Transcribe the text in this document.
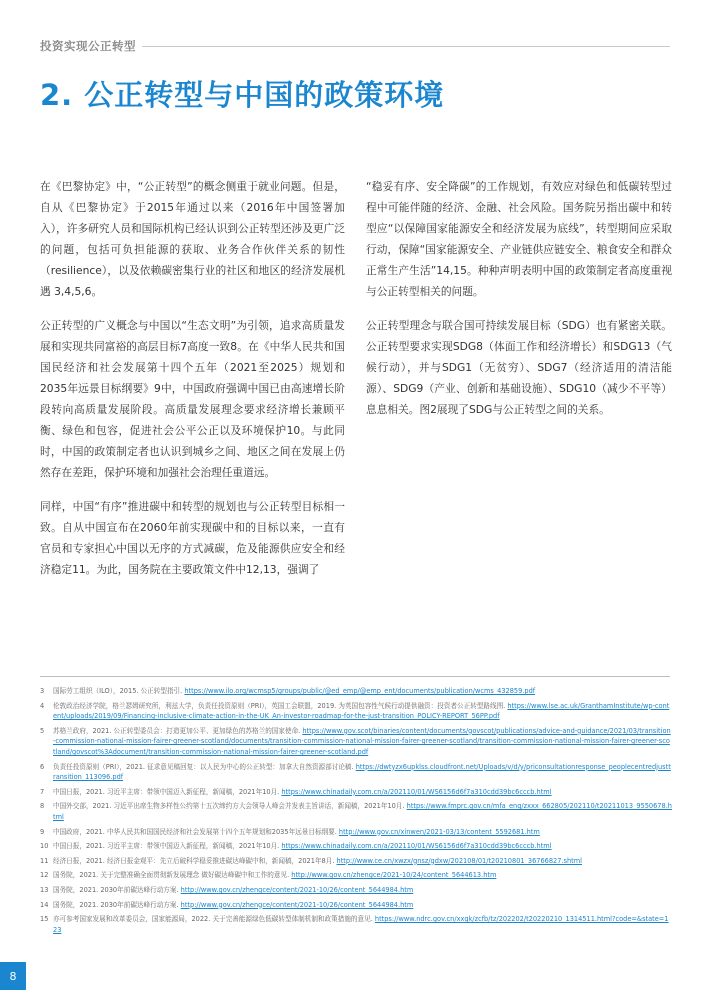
投资实现公正转型
2. 公正转型与中国的政策环境

在《巴黎协定》中，“公正转型”的概念侧重于就业问题。但是，自从《巴黎协定》于2015年通过以来（2016年中国签署加入），许多研究人员和国际机构已经认识到公正转型还涉及更广泛的问题，包括可负担能源的获取、业务合作伙伴关系的韧性（resilience），以及依赖碳密集行业的社区和地区的经济发展机遇 3,4,5,6。

公正转型的广义概念与中国以“生态文明”为引领，追求高质量发展和实现共同富裕的高层目标7高度一致8。在《中华人民共和国国民经济和社会发展第十四个五年（2021至2025）规划和2035年远景目标纲要》9中，中国政府强调中国已由高速增长阶段转向高质量发展阶段。高质量发展理念要求经济增长兼顾平衡、绿色和包容，促进社会公平公正以及环境保护10。与此同时，中国的政策制定者也认识到城乡之间、地区之间在发展上仍然存在差距，保护环境和加强社会治理任重道远。

同样，中国“有序”推进碳中和转型的规划也与公正转型目标相一致。自从中国宣布在2060年前实现碳中和的目标以来，一直有官员和专家担心中国以无序的方式减碳，危及能源供应安全和经济稳定11。为此，国务院在主要政策文件中12,13，强调了

“稳妥有序、安全降碳”的工作规划，有效应对绿色和低碳转型过程中可能伴随的经济、金融、社会风险。国务院另指出碳中和转型应“以保障国家能源安全和经济发展为底线”，转型期间应采取行动，保障“国家能源安全、产业链供应链安全、粮食安全和群众正常生产生活”14,15。种种声明表明中国的政策制定者高度重视与公正转型相关的问题。

公正转型理念与联合国可持续发展目标（SDG）也有紧密关联。公正转型要求实现SDG8（体面工作和经济增长）和SDG13（气候行动），并与SDG1（无贫穷）、SDG7（经济适用的清洁能源）、SDG9（产业、创新和基础设施）、SDG10（减少不平等）息息相关。图2展现了SDG与公正转型之间的关系。

3	国际劳工组织（ILO），2015. 公正转型指引. https://www.ilo.org/wcmsp5/groups/public/@ed_emp/@emp_ent/documents/publication/wcms_432859.pdf
4	伦敦政治经济学院，格兰瑟姆研究所，利兹大学，负责任投资原则（PRI），英国工会联盟，2019. 为英国包容性气候行动提供融资：投资者公正转型路线图. https://www.lse.ac.uk/GranthamInstitute/wp-content/uploads/2019/09/Financing-inclusive-climate-action-in-the-UK_An-investor-roadmap-for-the-just-transition_POLICY-REPORT_56PP.pdf
5	苏格兰政府，2021. 公正转型委员会：打造更加公平、更加绿色的苏格兰的国家使命. https://www.gov.scot/binaries/content/documents/govscot/publications/advice-and-guidance/2021/03/transition-commission-national-mission-fairer-greener-scotland/documents/transition-commission-national-mission-fairer-greener-scotland/transition-commission-national-mission-fairer-greener-scotland/govscot%3Adocument/transition-commission-national-mission-fairer-greener-scotland.pdf
6	负责任投资原则（PRI），2021. 征求意见稿回复：以人民为中心的公正转型：加拿大自然资源部讨论稿. https://dwtyzx6upklss.cloudfront.net/Uploads/v/d/y/priconsultationresponse_peoplecentredjusttransition_113096.pdf
7	中国日报，2021. 习近平主席：带领中国迈入新征程，新闻稿，2021年10月. https://www.chinadaily.com.cn/a/202110/01/WS6156d6f7a310cdd39bc6cccb.html
8	中国外交部，2021. 习近平出席生物多样性公约第十五次缔约方大会领导人峰会并发表主旨讲话，新闻稿，2021年10月. https://www.fmprc.gov.cn/mfa_eng/zxxx_662805/202110/t20211013_9550678.html
9	中国政府，2021. 中华人民共和国国民经济和社会发展第十四个五年规划和2035年远景目标纲要. http://www.gov.cn/xinwen/2021-03/13/content_5592681.htm
10 中国日报，2021. 习近平主席：带领中国迈入新征程，新闻稿，2021年10月. https://www.chinadaily.com.cn/a/202110/01/WS6156d6f7a310cdd39bc6cccb.html
11 经济日报，2021. 经济日报金观平：先立后破科学稳妥推进碳达峰碳中和，新闻稿，2021年8月. http://www.ce.cn/xwzx/gnsz/gdxw/202108/01/t20210801_36766827.shtml
12 国务院，2021. 关于完整准确全面贯彻新发展理念 做好碳达峰碳中和工作的意见. http://www.gov.cn/zhengce/2021-10/24/content_5644613.htm
13 国务院，2021. 2030年前碳达峰行动方案. http://www.gov.cn/zhengce/content/2021-10/26/content_5644984.htm
14 国务院，2021. 2030年前碳达峰行动方案. http://www.gov.cn/zhengce/content/2021-10/26/content_5644984.htm
15 亦可参考国家发展和改革委员会，国家能源局，2022. 关于完善能源绿色低碳转型体制机制和政策措施的意见. https://www.ndrc.gov.cn/xxgk/zcfb/tz/202202/t20220210_1314511.html?code=&state=123
8
